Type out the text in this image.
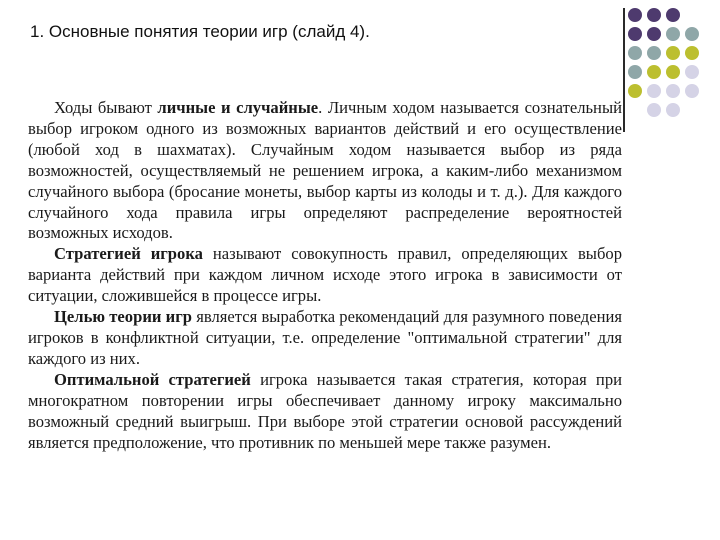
1. Основные понятия теории игр (слайд 4).

Ходы бывают личные и случайные. Личным ходом называется сознательный выбор игроком одного из возможных вариантов действий и его осуществление (любой ход в шахматах). Случайным ходом называется выбор из ряда возможностей, осуществляемый не решением игрока, а каким-либо механизмом случайного выбора (бросание монеты, выбор карты из колоды и т. д.). Для каждого случайного хода правила игры определяют распределение вероятностей возможных исходов.

Стратегией игрока называют совокупность правил, определяющих выбор варианта действий при каждом личном исходе этого игрока в зависимости от ситуации, сложившейся в процессе игры.

Целью теории игр является выработка рекомендаций для разумного поведения игроков в конфликтной ситуации, т.е. определение "оптимальной стратегии" для каждого из них.

Оптимальной стратегией игрока называется такая стратегия, которая при многократном повторении игры обеспечивает данному игроку максимально возможный средний выигрыш. При выборе этой стратегии основой рассуждений является предположение, что противник по меньшей мере также разумен.
